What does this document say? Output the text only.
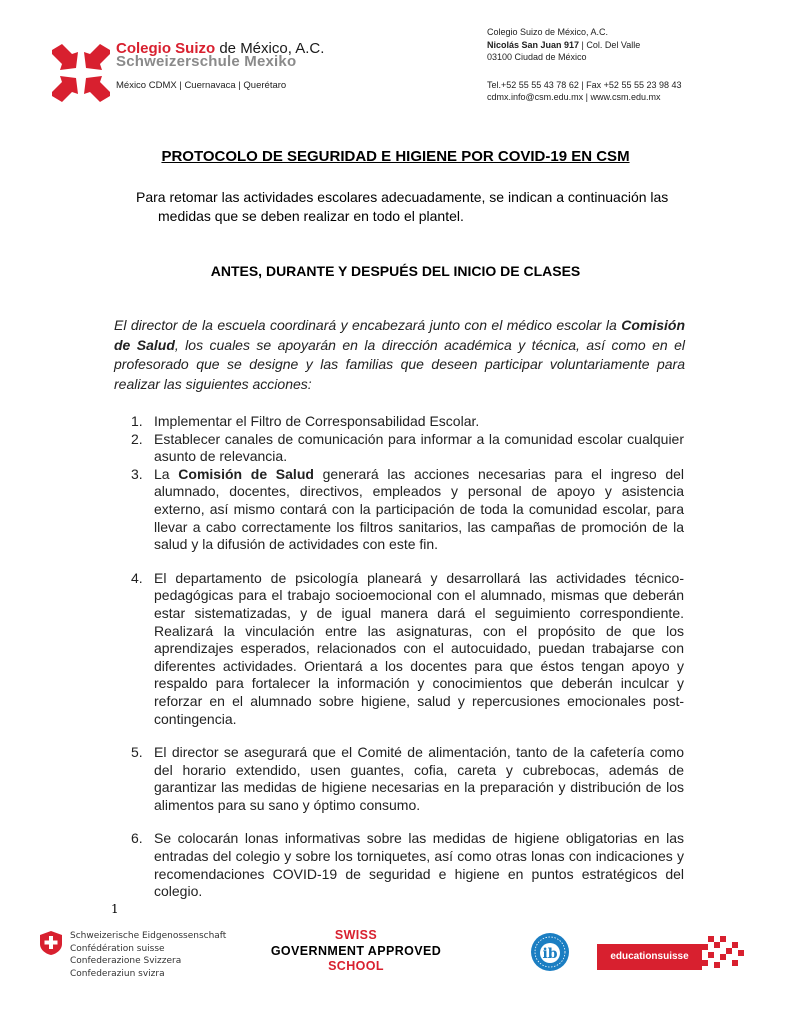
Colegio Suizo de México, A.C.
Schweizerschule Mexiko
México CDMX | Cuernavaca | Querétaro
Colegio Suizo de México, A.C.
Nicolás San Juan 917 | Col. Del Valle
03100 Ciudad de México
Tel.+52 55 55 43 78 62 | Fax +52 55 55 23 98 43
cdmx.info@csm.edu.mx | www.csm.edu.mx
PROTOCOLO DE SEGURIDAD E HIGIENE POR COVID-19 EN CSM
Para retomar las actividades escolares adecuadamente, se indican a continuación las
medidas que se deben realizar en todo el plantel.
ANTES, DURANTE Y DESPUÉS DEL INICIO DE CLASES
El director de la escuela coordinará y encabezará junto con el médico escolar la Comisión de Salud, los cuales se apoyarán en la dirección académica y técnica, así como en el profesorado que se designe y las familias que deseen participar voluntariamente para realizar las siguientes acciones:
1. Implementar el Filtro de Corresponsabilidad Escolar.
2. Establecer canales de comunicación para informar a la comunidad escolar cualquier asunto de relevancia.
3. La Comisión de Salud generará las acciones necesarias para el ingreso del alumnado, docentes, directivos, empleados y personal de apoyo y asistencia externo, así mismo contará con la participación de toda la comunidad escolar, para llevar a cabo correctamente los filtros sanitarios, las campañas de promoción de la salud y la difusión de actividades con este fin.
4. El departamento de psicología planeará y desarrollará las actividades técnico-pedagógicas para el trabajo socioemocional con el alumnado, mismas que deberán estar sistematizadas, y de igual manera dará el seguimiento correspondiente. Realizará la vinculación entre las asignaturas, con el propósito de que los aprendizajes esperados, relacionados con el autocuidado, puedan trabajarse con diferentes actividades. Orientará a los docentes para que éstos tengan apoyo y respaldo para fortalecer la información y conocimientos que deberán inculcar y reforzar en el alumnado sobre higiene, salud y repercusiones emocionales post-contingencia.
5. El director se asegurará que el Comité de alimentación, tanto de la cafetería como del horario extendido, usen guantes, cofia, careta y cubrebocas, además de garantizar las medidas de higiene necesarias en la preparación y distribución de los alimentos para su sano y óptimo consumo.
6. Se colocarán lonas informativas sobre las medidas de higiene obligatorias en las entradas del colegio y sobre los torniquetes, así como otras lonas con indicaciones y recomendaciones COVID-19 de seguridad e higiene en puntos estratégicos del colegio.
1
Schweizerische Eidgenossenschaft
Confédération suisse
Confederazione Svizzera
Confederaziun svizra
SWISS
GOVERNMENT APPROVED
SCHOOL
ib	educationsuisse
